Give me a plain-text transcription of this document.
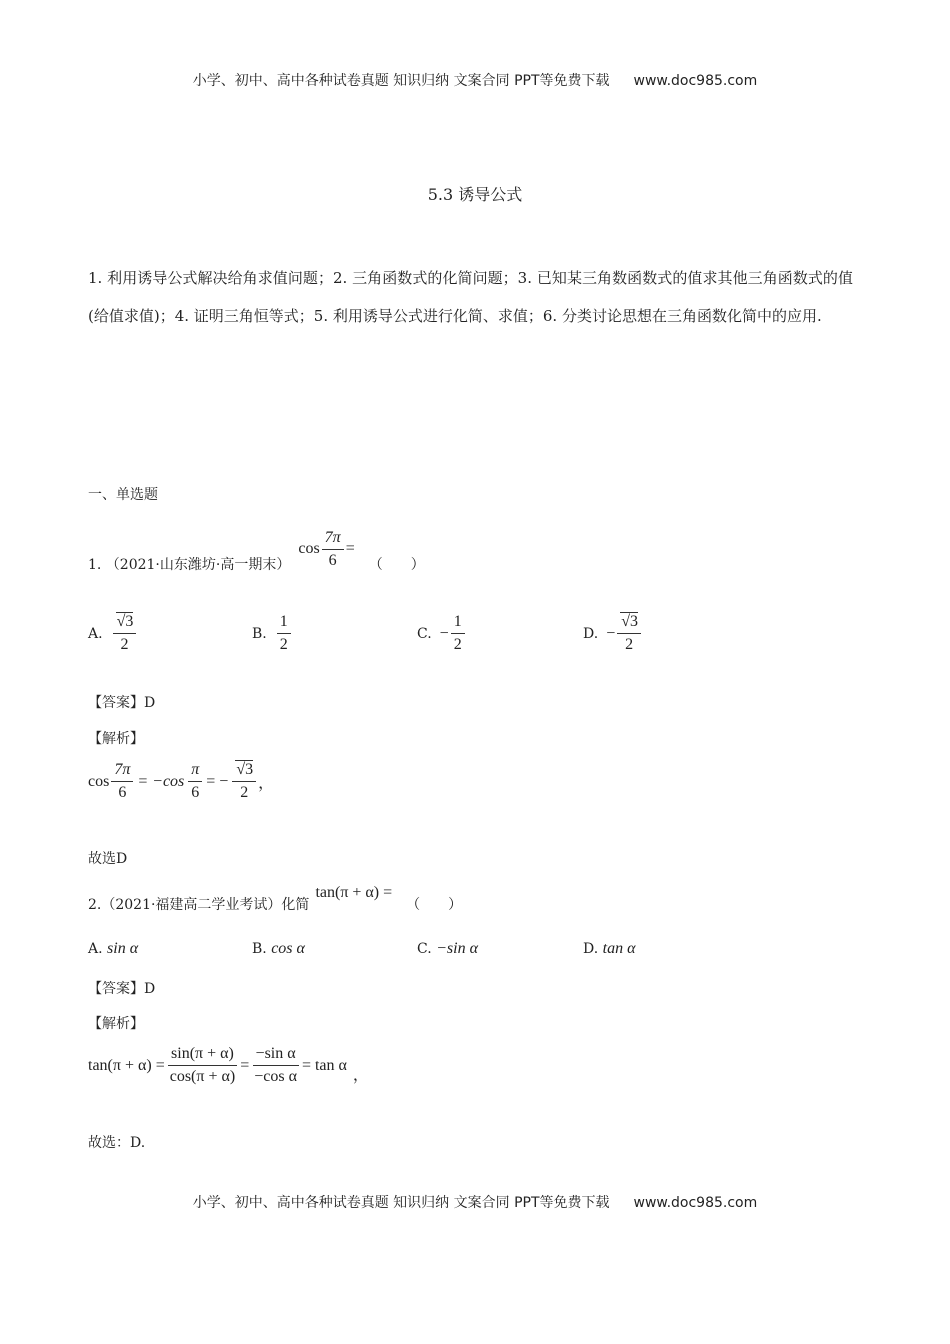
小学、初中、高中各种试卷真题 知识归纳 文案合同 PPT等免费下载 www.doc985.com
5.3 诱导公式
1. 利用诱导公式解决给角求值问题；2. 三角函数式的化简问题；3. 已知某三角数函数式的值求其他三角函数式的值(给值求值)；4. 证明三角恒等式；5. 利用诱导公式进行化简、求值；6. 分类讨论思想在三角函数化简中的应用.
一、单选题
1. （2021·山东潍坊·高一期末）
$\cos \frac{7\pi}{6}$ =
（　　）
A. $\frac{√3}{2}$	B. $\frac{1}{2}$	C. − $\frac{1}{2}$	D. − $\frac{√3}{2}$
【答案】D
【解析】
$\cos \frac{7\pi}{6} = -\cos \frac{\pi}{6}$ = − $\frac{√3}{2}$ ，
故选D
2.（2021·福建高二学业考试）化简
tan(π + α) =
（　　）
A. sin α	B. cos α	C. −sin α	D. tan α
【答案】D
【解析】
$\tan(\pi + \alpha) = \frac{\sin(\pi + \alpha)}{\cos(\pi + \alpha)} = \frac{\text{−sin α}}{\text{−cos α}} = \tan \alpha$
，
故选：D.
小学、初中、高中各种试卷真题 知识归纳 文案合同 PPT等免费下载 www.doc985.com
